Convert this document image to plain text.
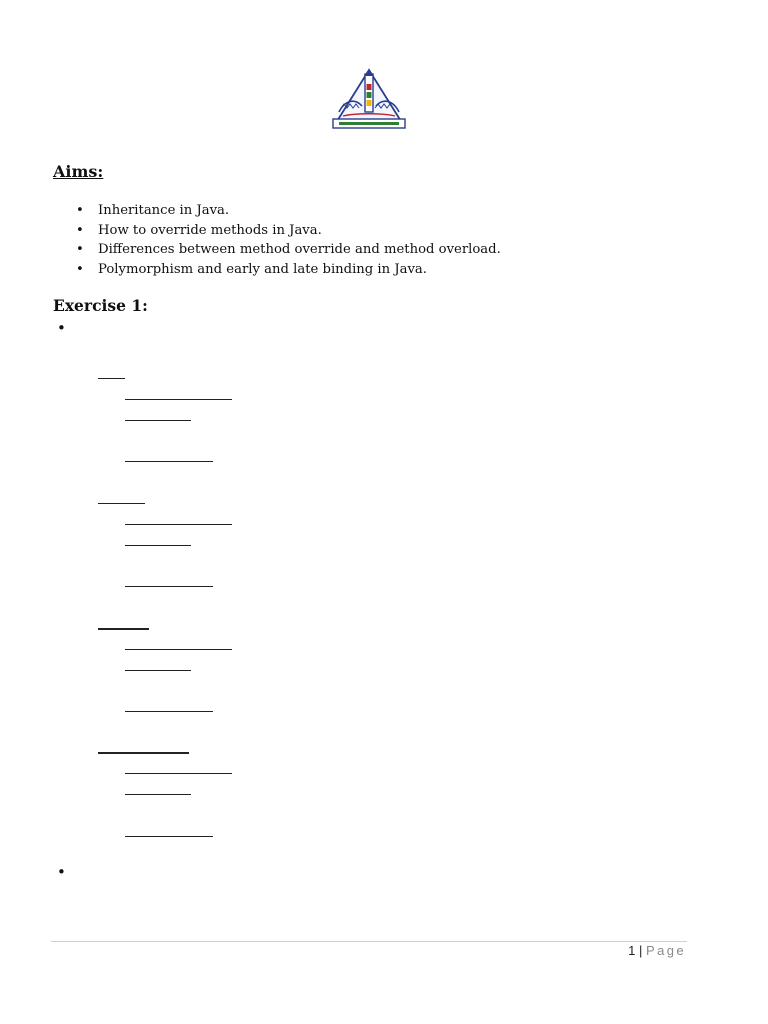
Aims:
• Inheritance in Java.
• How to override methods in Java.
• Differences between method override and method overload.
• Polymorphism and early and late binding in Java.
Exercise 1:
•
•
1 | Page
